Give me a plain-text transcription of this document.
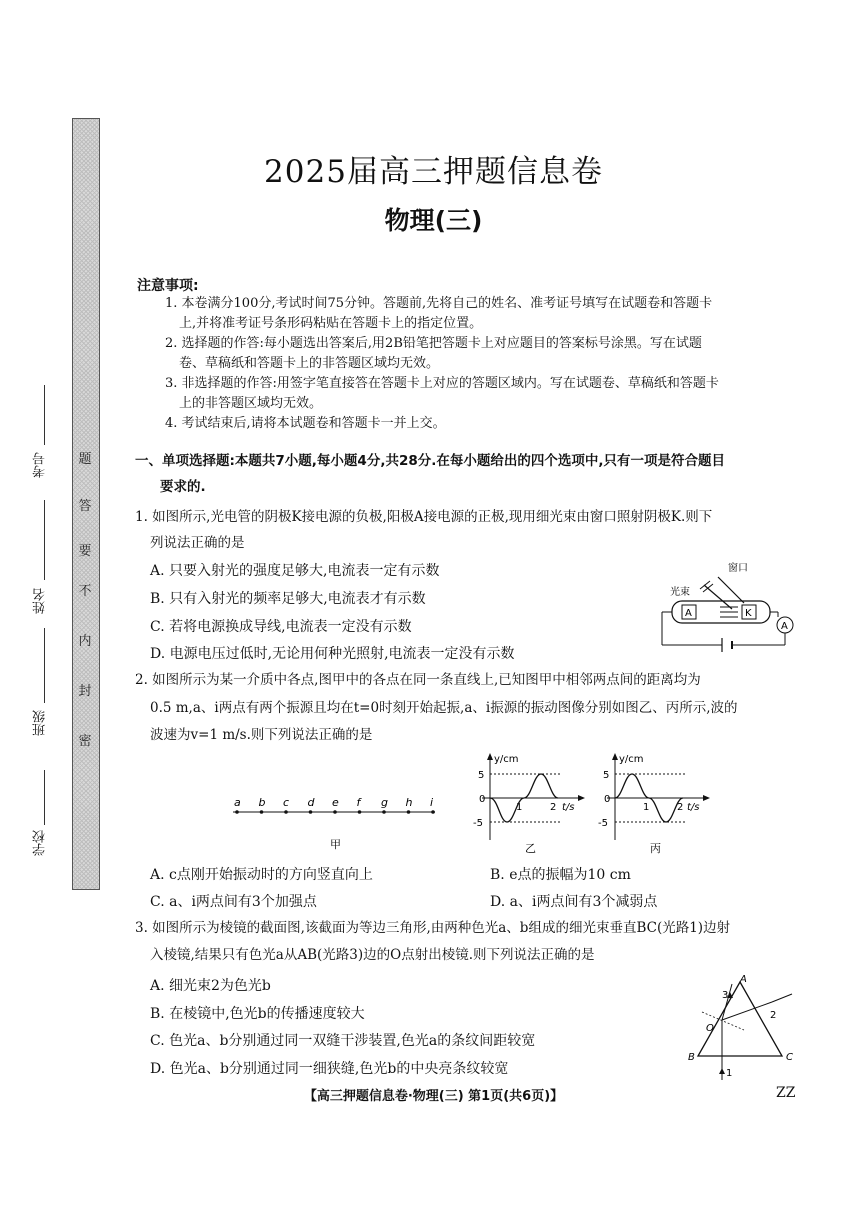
密
封
内
不
要
答
题
学校
班级
姓名
考号
2025届高三押题信息卷
物理(三)
注意事项:
1. 本卷满分100分,考试时间75分钟。答题前,先将自己的姓名、准考证号填写在试题卷和答题卡
上,并将准考证号条形码粘贴在答题卡上的指定位置。
2. 选择题的作答:每小题选出答案后,用2B铅笔把答题卡上对应题目的答案标号涂黑。写在试题
卷、草稿纸和答题卡上的非答题区域均无效。
3. 非选择题的作答:用签字笔直接答在答题卡上对应的答题区域内。写在试题卷、草稿纸和答题卡
上的非答题区域均无效。
4. 考试结束后,请将本试题卷和答题卡一并上交。
一、单项选择题:本题共7小题,每小题4分,共28分.在每小题给出的四个选项中,只有一项是符合题目
要求的.
1. 如图所示,光电管的阴极K接电源的负极,阳极A接电源的正极,现用细光束由窗口照射阴极K.则下
列说法正确的是
A. 只要入射光的强度足够大,电流表一定有示数
B. 只有入射光的频率足够大,电流表才有示数
C. 若将电源换成导线,电流表一定没有示数
D. 电源电压过低时,无论用何种光照射,电流表一定没有示数
窗口
光束
A	K
A
2. 如图所示为某一介质中各点,图甲中的各点在同一条直线上,已知图甲中相邻两点间的距离均为
0.5 m,a、i两点有两个振源且均在t=0时刻开始起振,a、i振源的振动图像分别如图乙、丙所示,波的
波速为v=1 m/s.则下列说法正确的是
a b c d e f g h i
甲
y/cm
t/s
5
0
-5
1	2
乙
y/cm
t/s
5
0
-5
1	2
丙
A. c点刚开始振动时的方向竖直向上	B. e点的振幅为10 cm
C. a、i两点间有3个加强点	D. a、i两点间有3个减弱点
3. 如图所示为棱镜的截面图,该截面为等边三角形,由两种色光a、b组成的细光束垂直BC(光路1)边射
入棱镜,结果只有色光a从AB(光路3)边的O点射出棱镜.则下列说法正确的是
A. 细光束2为色光b
B. 在棱镜中,色光b的传播速度较大
C. 色光a、b分别通过同一双缝干涉装置,色光a的条纹间距较宽
D. 色光a、b分别通过同一细狭缝,色光b的中央亮条纹较宽
A
B	C
O
1
3
2
【高三押题信息卷·物理(三) 第1页(共6页)】	ZZ
